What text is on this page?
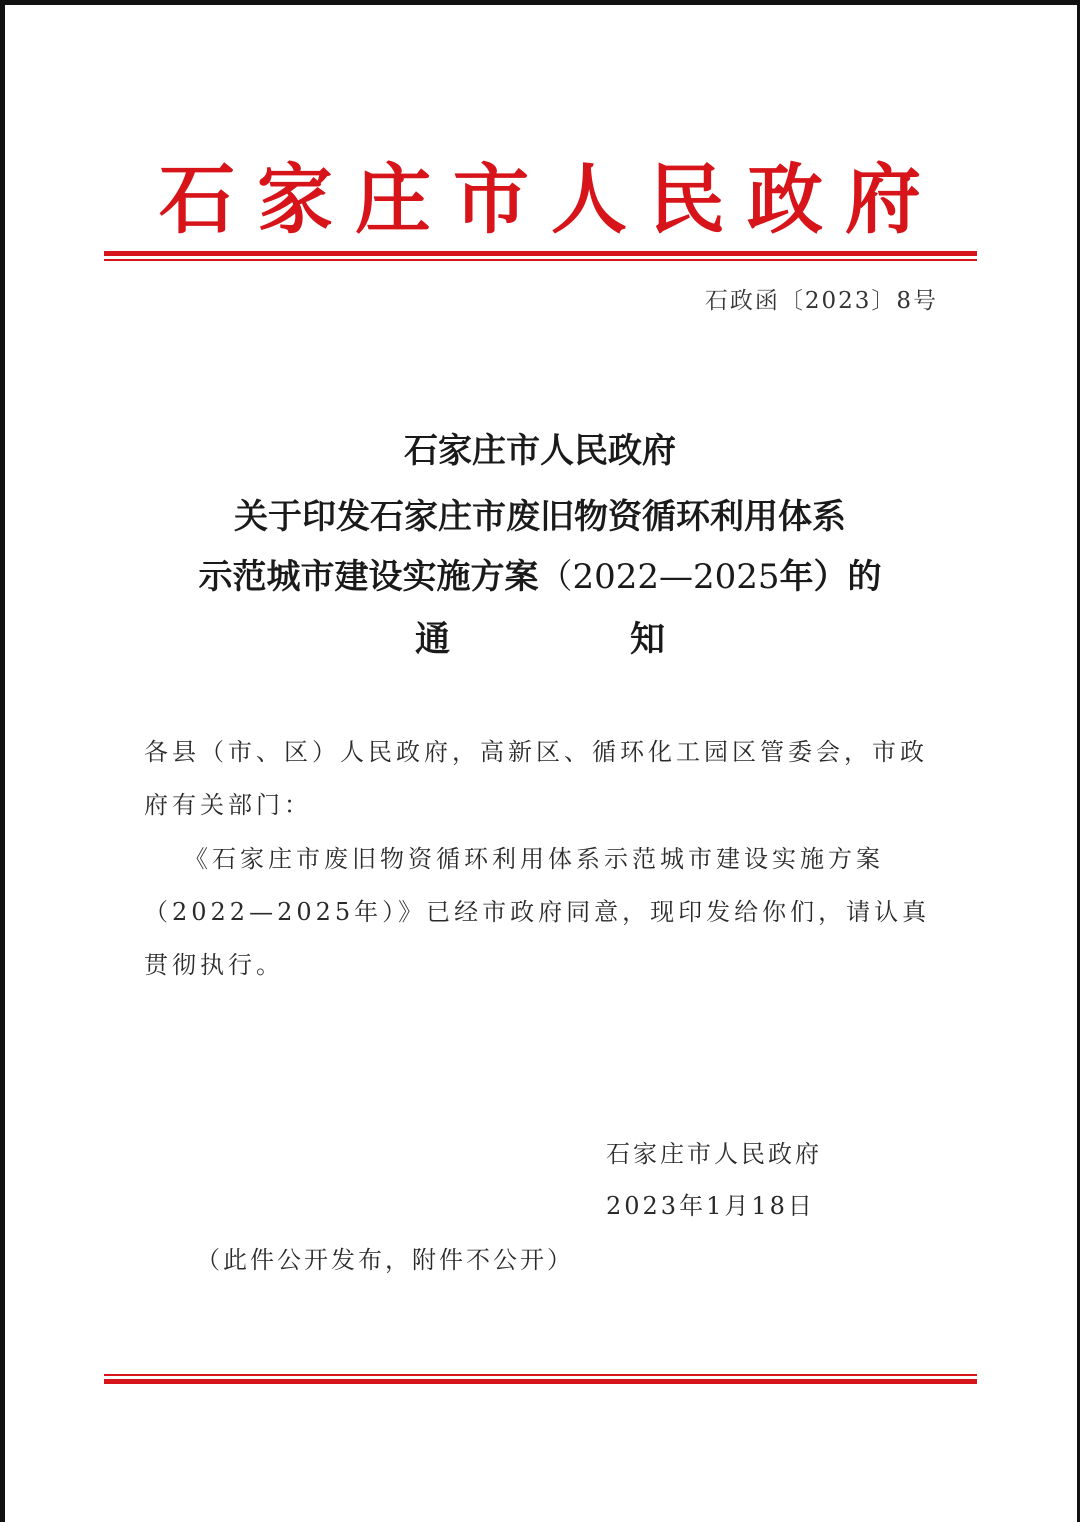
石家庄市人民政府
石政函〔2023〕8号
石家庄市人民政府
关于印发石家庄市废旧物资循环利用体系
示范城市建设实施方案（2022—2025年）的
通知
各县（市、区）人民政府，高新区、循环化工园区管委会，市政府有关部门：
《石家庄市废旧物资循环利用体系示范城市建设实施方案（2022—2025年）》已经市政府同意，现印发给你们，请认真贯彻执行。
石家庄市人民政府
2023年1月18日
（此件公开发布，附件不公开）
